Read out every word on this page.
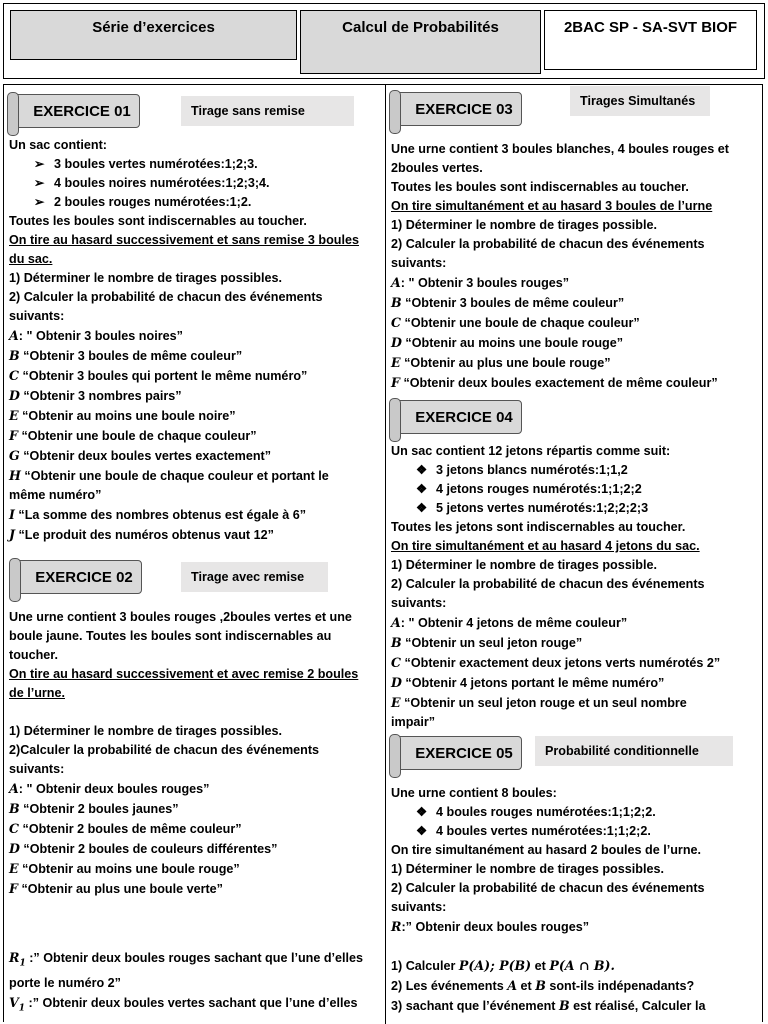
Série d’exercices	Calcul de Probabilités	2BAC SP - SA-SVT BIOF
EXERCICE 01	Tirage sans remise
EXERCICE 02	Tirage avec remise
EXERCICE 03	Tirages Simultanés
EXERCICE 04
EXERCICE 05	Probabilité conditionnelle
Un sac contient:
➢ 3 boules vertes numérotées:1;2;3.
➢ 4 boules noires numérotées:1;2;3;4.
➢ 2 boules rouges numérotées:1;2.
Toutes les boules sont indiscernables au toucher.
On tire au hasard successivement et sans remise 3 boules
du sac.
1) Déterminer le nombre de tirages possibles.
2) Calculer la probabilité de chacun des événements
suivants:
A: " Obtenir 3 boules noires”
B “Obtenir 3 boules de même couleur”
C “Obtenir 3 boules qui portent le même numéro”
D “Obtenir 3 nombres pairs”
E “Obtenir au moins une boule noire”
F “Obtenir une boule de chaque couleur”
G “Obtenir deux boules vertes exactement”
H “Obtenir une boule de chaque couleur et portant le
même numéro”
I “La somme des nombres obtenus est égale à 6”
J “Le produit des numéros obtenus vaut 12”
Une urne contient 3 boules rouges ,2boules vertes et une
boule jaune. Toutes les boules sont indiscernables au
toucher.
On tire au hasard successivement et avec remise 2 boules
de l’urne.
1) Déterminer le nombre de tirages possibles.
2)Calculer la probabilité de chacun des événements
suivants:
A: " Obtenir deux boules rouges”
B “Obtenir 2 boules jaunes”
C “Obtenir 2 boules de même couleur”
D “Obtenir 2 boules de couleurs différentes”
E “Obtenir au moins une boule rouge”
F “Obtenir au plus une boule verte”
$R_1$ :” Obtenir deux boules rouges sachant que l’une d’elles
porte le numéro 2”
$V_1$ :” Obtenir deux boules vertes sachant que l’une d’elles
Une urne contient 3 boules blanches, 4 boules rouges et
2boules vertes.
Toutes les boules sont indiscernables au toucher.
On tire simultanément et au hasard 3 boules de l’urne
1) Déterminer le nombre de tirages possible.
2) Calculer la probabilité de chacun des événements
suivants:
A: " Obtenir 3 boules rouges”
B “Obtenir 3 boules de même couleur”
C “Obtenir une boule de chaque couleur”
D “Obtenir au moins une boule rouge”
E “Obtenir au plus une boule rouge”
F “Obtenir deux boules exactement de même couleur”
Un sac contient 12 jetons répartis comme suit:
❖ 3 jetons blancs numérotés:1;1,2
❖ 4 jetons rouges numérotés:1;1;2;2
❖ 5 jetons vertes numérotés:1;2;2;2;3
Toutes les jetons sont indiscernables au toucher.
On tire simultanément et au hasard 4 jetons du sac.
1) Déterminer le nombre de tirages possible.
2) Calculer la probabilité de chacun des événements
suivants:
A: " Obtenir 4 jetons de même couleur”
B “Obtenir un seul jeton rouge”
C “Obtenir exactement deux jetons verts numérotés 2”
D “Obtenir 4 jetons portant le même numéro”
E “Obtenir un seul jeton rouge et un seul nombre
impair”
Une urne contient 8 boules:
❖ 4 boules rouges numérotées:1;1;2;2.
❖ 4 boules vertes numérotées:1;1;2;2.
On tire simultanément au hasard 2 boules de l’urne.
1) Déterminer le nombre de tirages possibles.
2) Calculer la probabilité de chacun des événements
suivants:
R:” Obtenir deux boules rouges”
1) Calculer P(A); P(B) et P(A ∩ B).
2) Les événements A et B sont-ils indépenadants?
3) sachant que l’événement B est réalisé, Calculer la
